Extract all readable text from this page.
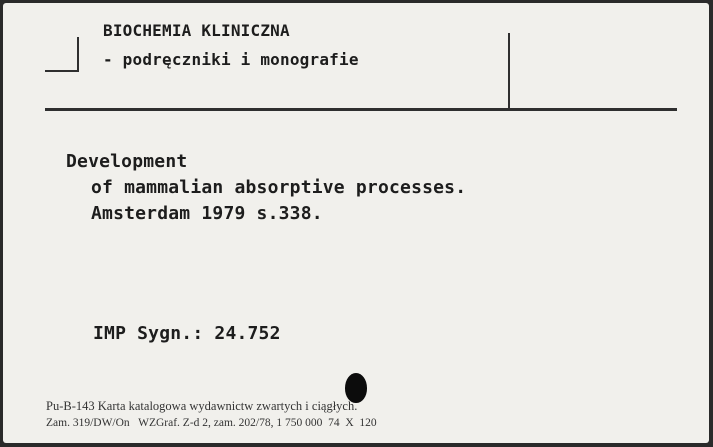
BIOCHEMIA KLINICZNA
- podręczniki i monografie
Development
of mammalian absorptive processes.
Amsterdam 1979 s.338.
IMP Sygn.: 24.752
Pu-B-143 Karta katalogowa wydawnictw zwartych i ciągłych.
Zam. 319/DW/On   WZGraf. Z-d 2, zam. 202/78, 1 750 000  74  X  120
